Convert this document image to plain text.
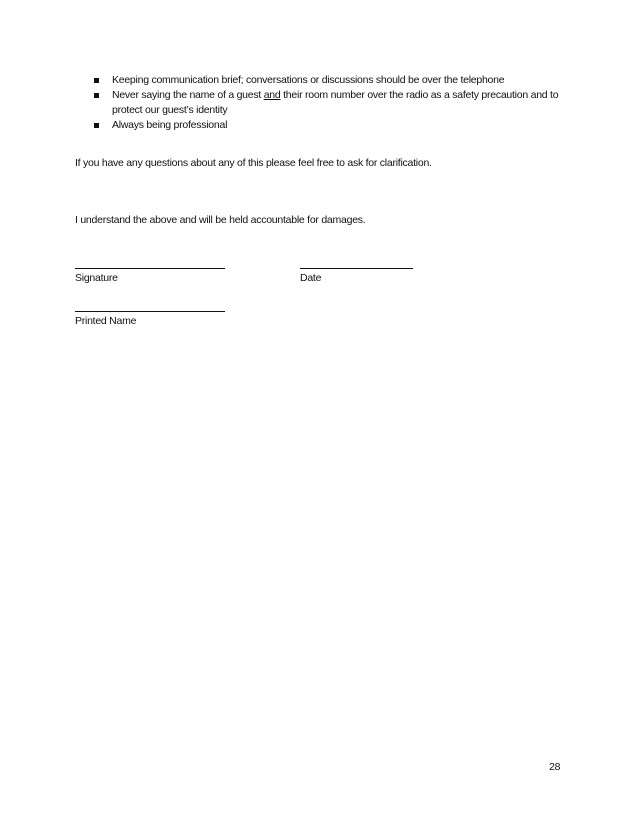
Keeping communication brief; conversations or discussions should be over the telephone
Never saying the name of a guest and their room number over the radio as a safety precaution and to protect our guest’s identity
Always being professional

If you have any questions about any of this please feel free to ask for clarification.

I understand the above and will be held accountable for damages.

Signature	Date

Printed Name

28
